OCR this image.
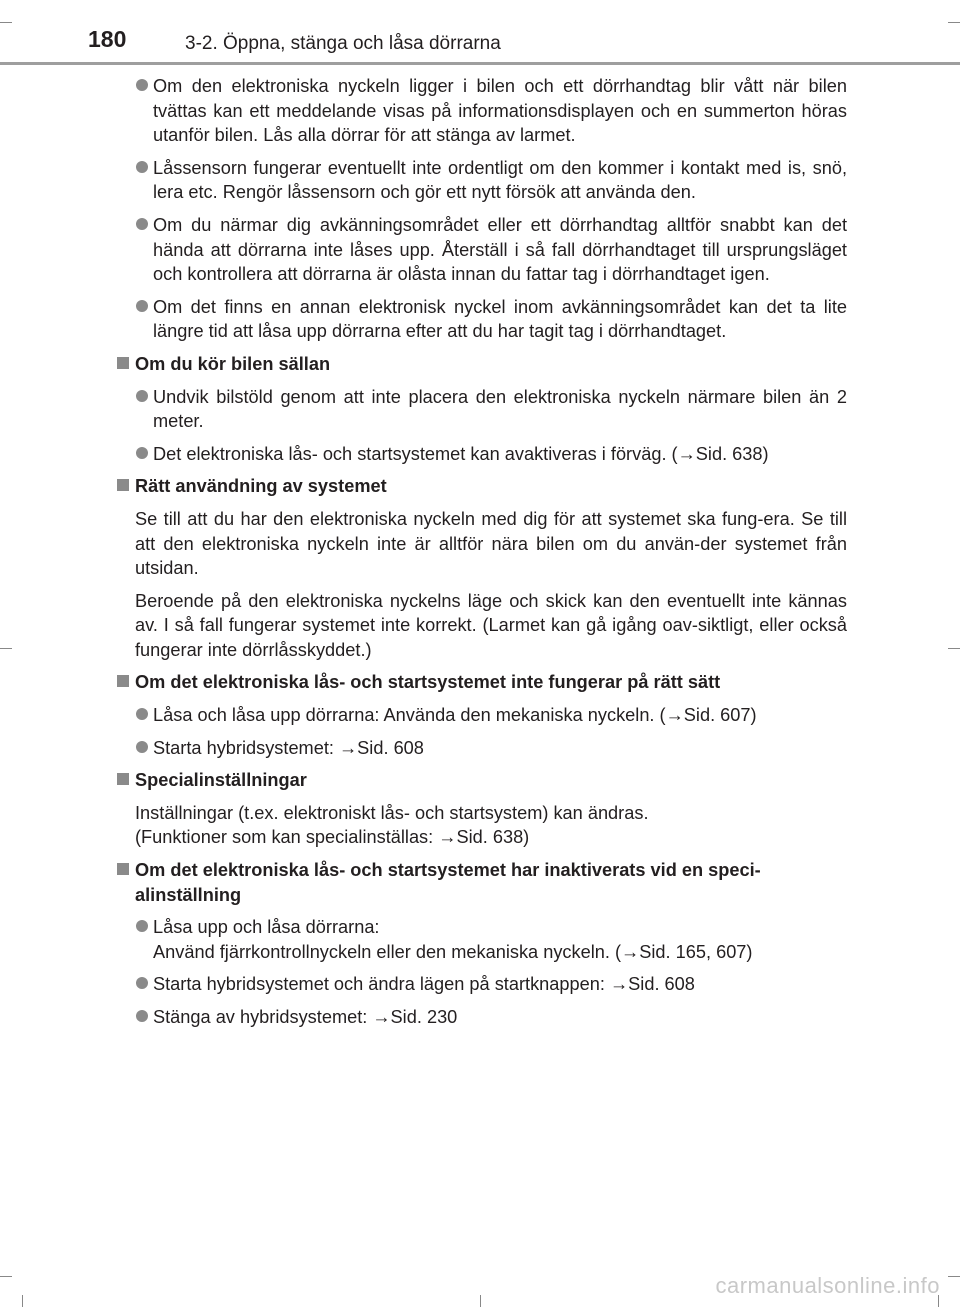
180	3-2. Öppna, stänga och låsa dörrarna
Om den elektroniska nyckeln ligger i bilen och ett dörrhandtag blir vått när bilen tvättas kan ett meddelande visas på informationsdisplayen och en summerton höras utanför bilen. Lås alla dörrar för att stänga av larmet.
Låssensorn fungerar eventuellt inte ordentligt om den kommer i kontakt med is, snö, lera etc. Rengör låssensorn och gör ett nytt försök att använda den.
Om du närmar dig avkänningsområdet eller ett dörrhandtag alltför snabbt kan det hända att dörrarna inte låses upp. Återställ i så fall dörrhandtaget till ursprungsläget och kontrollera att dörrarna är olåsta innan du fattar tag i dörrhandtaget igen.
Om det finns en annan elektronisk nyckel inom avkänningsområdet kan det ta lite längre tid att låsa upp dörrarna efter att du har tagit tag i dörrhandtaget.
Om du kör bilen sällan
Undvik bilstöld genom att inte placera den elektroniska nyckeln närmare bilen än 2 meter.
Det elektroniska lås- och startsystemet kan avaktiveras i förväg. (→Sid. 638)
Rätt användning av systemet
Se till att du har den elektroniska nyckeln med dig för att systemet ska fung-era. Se till att den elektroniska nyckeln inte är alltför nära bilen om du använ-der systemet från utsidan.
Beroende på den elektroniska nyckelns läge och skick kan den eventuellt inte kännas av. I så fall fungerar systemet inte korrekt. (Larmet kan gå igång oav-siktligt, eller också fungerar inte dörrlåsskyddet.)
Om det elektroniska lås- och startsystemet inte fungerar på rätt sätt
Låsa och låsa upp dörrarna: Använda den mekaniska nyckeln. (→Sid. 607)
Starta hybridsystemet: →Sid. 608
Specialinställningar
Inställningar (t.ex. elektroniskt lås- och startsystem) kan ändras.
(Funktioner som kan specialinställas: →Sid. 638)
Om det elektroniska lås- och startsystemet har inaktiverats vid en speci-alinställning
Låsa upp och låsa dörrarna:
Använd fjärrkontrollnyckeln eller den mekaniska nyckeln. (→Sid. 165, 607)
Starta hybridsystemet och ändra lägen på startknappen: →Sid. 608
Stänga av hybridsystemet: →Sid. 230
carmanualsonline.info
